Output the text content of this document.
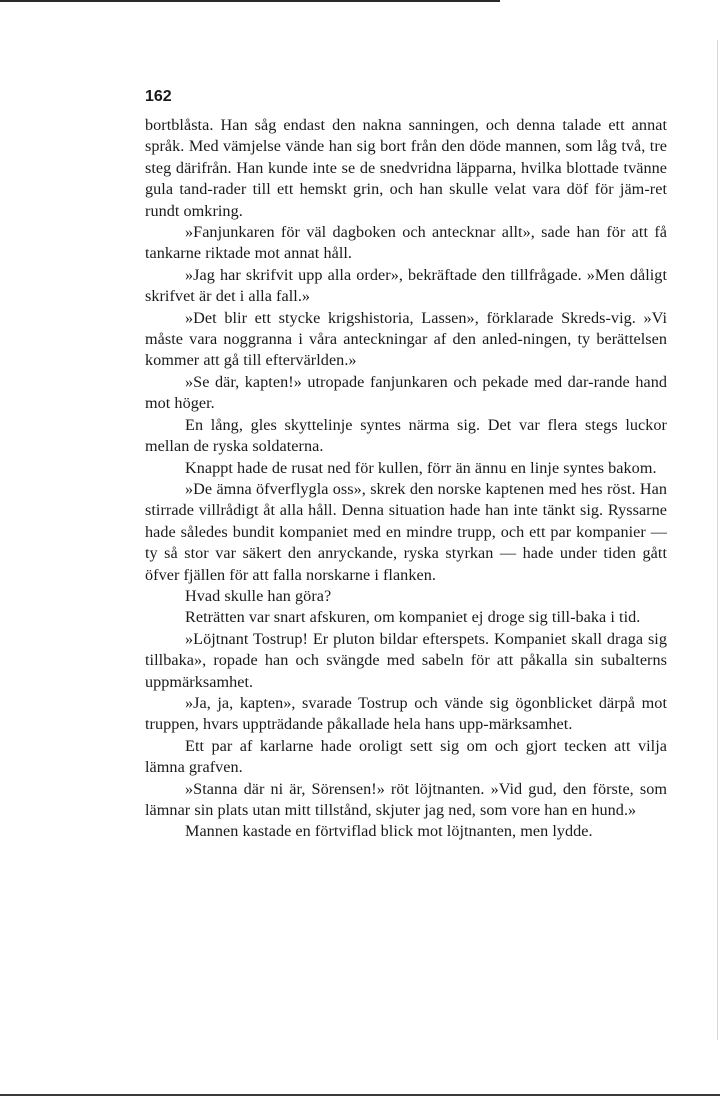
162

bortblåsta. Han såg endast den nakna sanningen, och denna talade ett annat språk. Med vämjelse vände han sig bort från den döde mannen, som låg två, tre steg därifrån. Han kunde inte se de snedvridna läpparna, hvilka blottade tvänne gula tand-rader till ett hemskt grin, och han skulle velat vara döf för jäm-ret rundt omkring.

»Fanjunkaren för väl dagboken och antecknar allt», sade han för att få tankarne riktade mot annat håll.

»Jag har skrifvit upp alla order», bekräftade den tillfrågade. »Men dåligt skrifvet är det i alla fall.»

»Det blir ett stycke krigshistoria, Lassen», förklarade Skreds-vig. »Vi måste vara noggranna i våra anteckningar af den anled-ningen, ty berättelsen kommer att gå till eftervärlden.»

»Se där, kapten!» utropade fanjunkaren och pekade med dar-rande hand mot höger.

En lång, gles skyttelinje syntes närma sig. Det var flera stegs luckor mellan de ryska soldaterna.

Knappt hade de rusat ned för kullen, förr än ännu en linje syntes bakom.

»De ämna öfverflygla oss», skrek den norske kaptenen med hes röst. Han stirrade villrådigt åt alla håll. Denna situation hade han inte tänkt sig. Ryssarne hade således bundit kompaniet med en mindre trupp, och ett par kompanier — ty så stor var säkert den anryckande, ryska styrkan — hade under tiden gått öfver fjällen för att falla norskarne i flanken.

Hvad skulle han göra?

Reträtten var snart afskuren, om kompaniet ej droge sig till-baka i tid.

»Löjtnant Tostrup! Er pluton bildar efterspets. Kompaniet skall draga sig tillbaka», ropade han och svängde med sabeln för att påkalla sin subalterns uppmärksamhet.

»Ja, ja, kapten», svarade Tostrup och vände sig ögonblicket därpå mot truppen, hvars uppträdande påkallade hela hans upp-märksamhet.

Ett par af karlarne hade oroligt sett sig om och gjort tecken att vilja lämna grafven.

»Stanna där ni är, Sörensen!» röt löjtnanten. »Vid gud, den förste, som lämnar sin plats utan mitt tillstånd, skjuter jag ned, som vore han en hund.»

Mannen kastade en förtviflad blick mot löjtnanten, men lydde.
